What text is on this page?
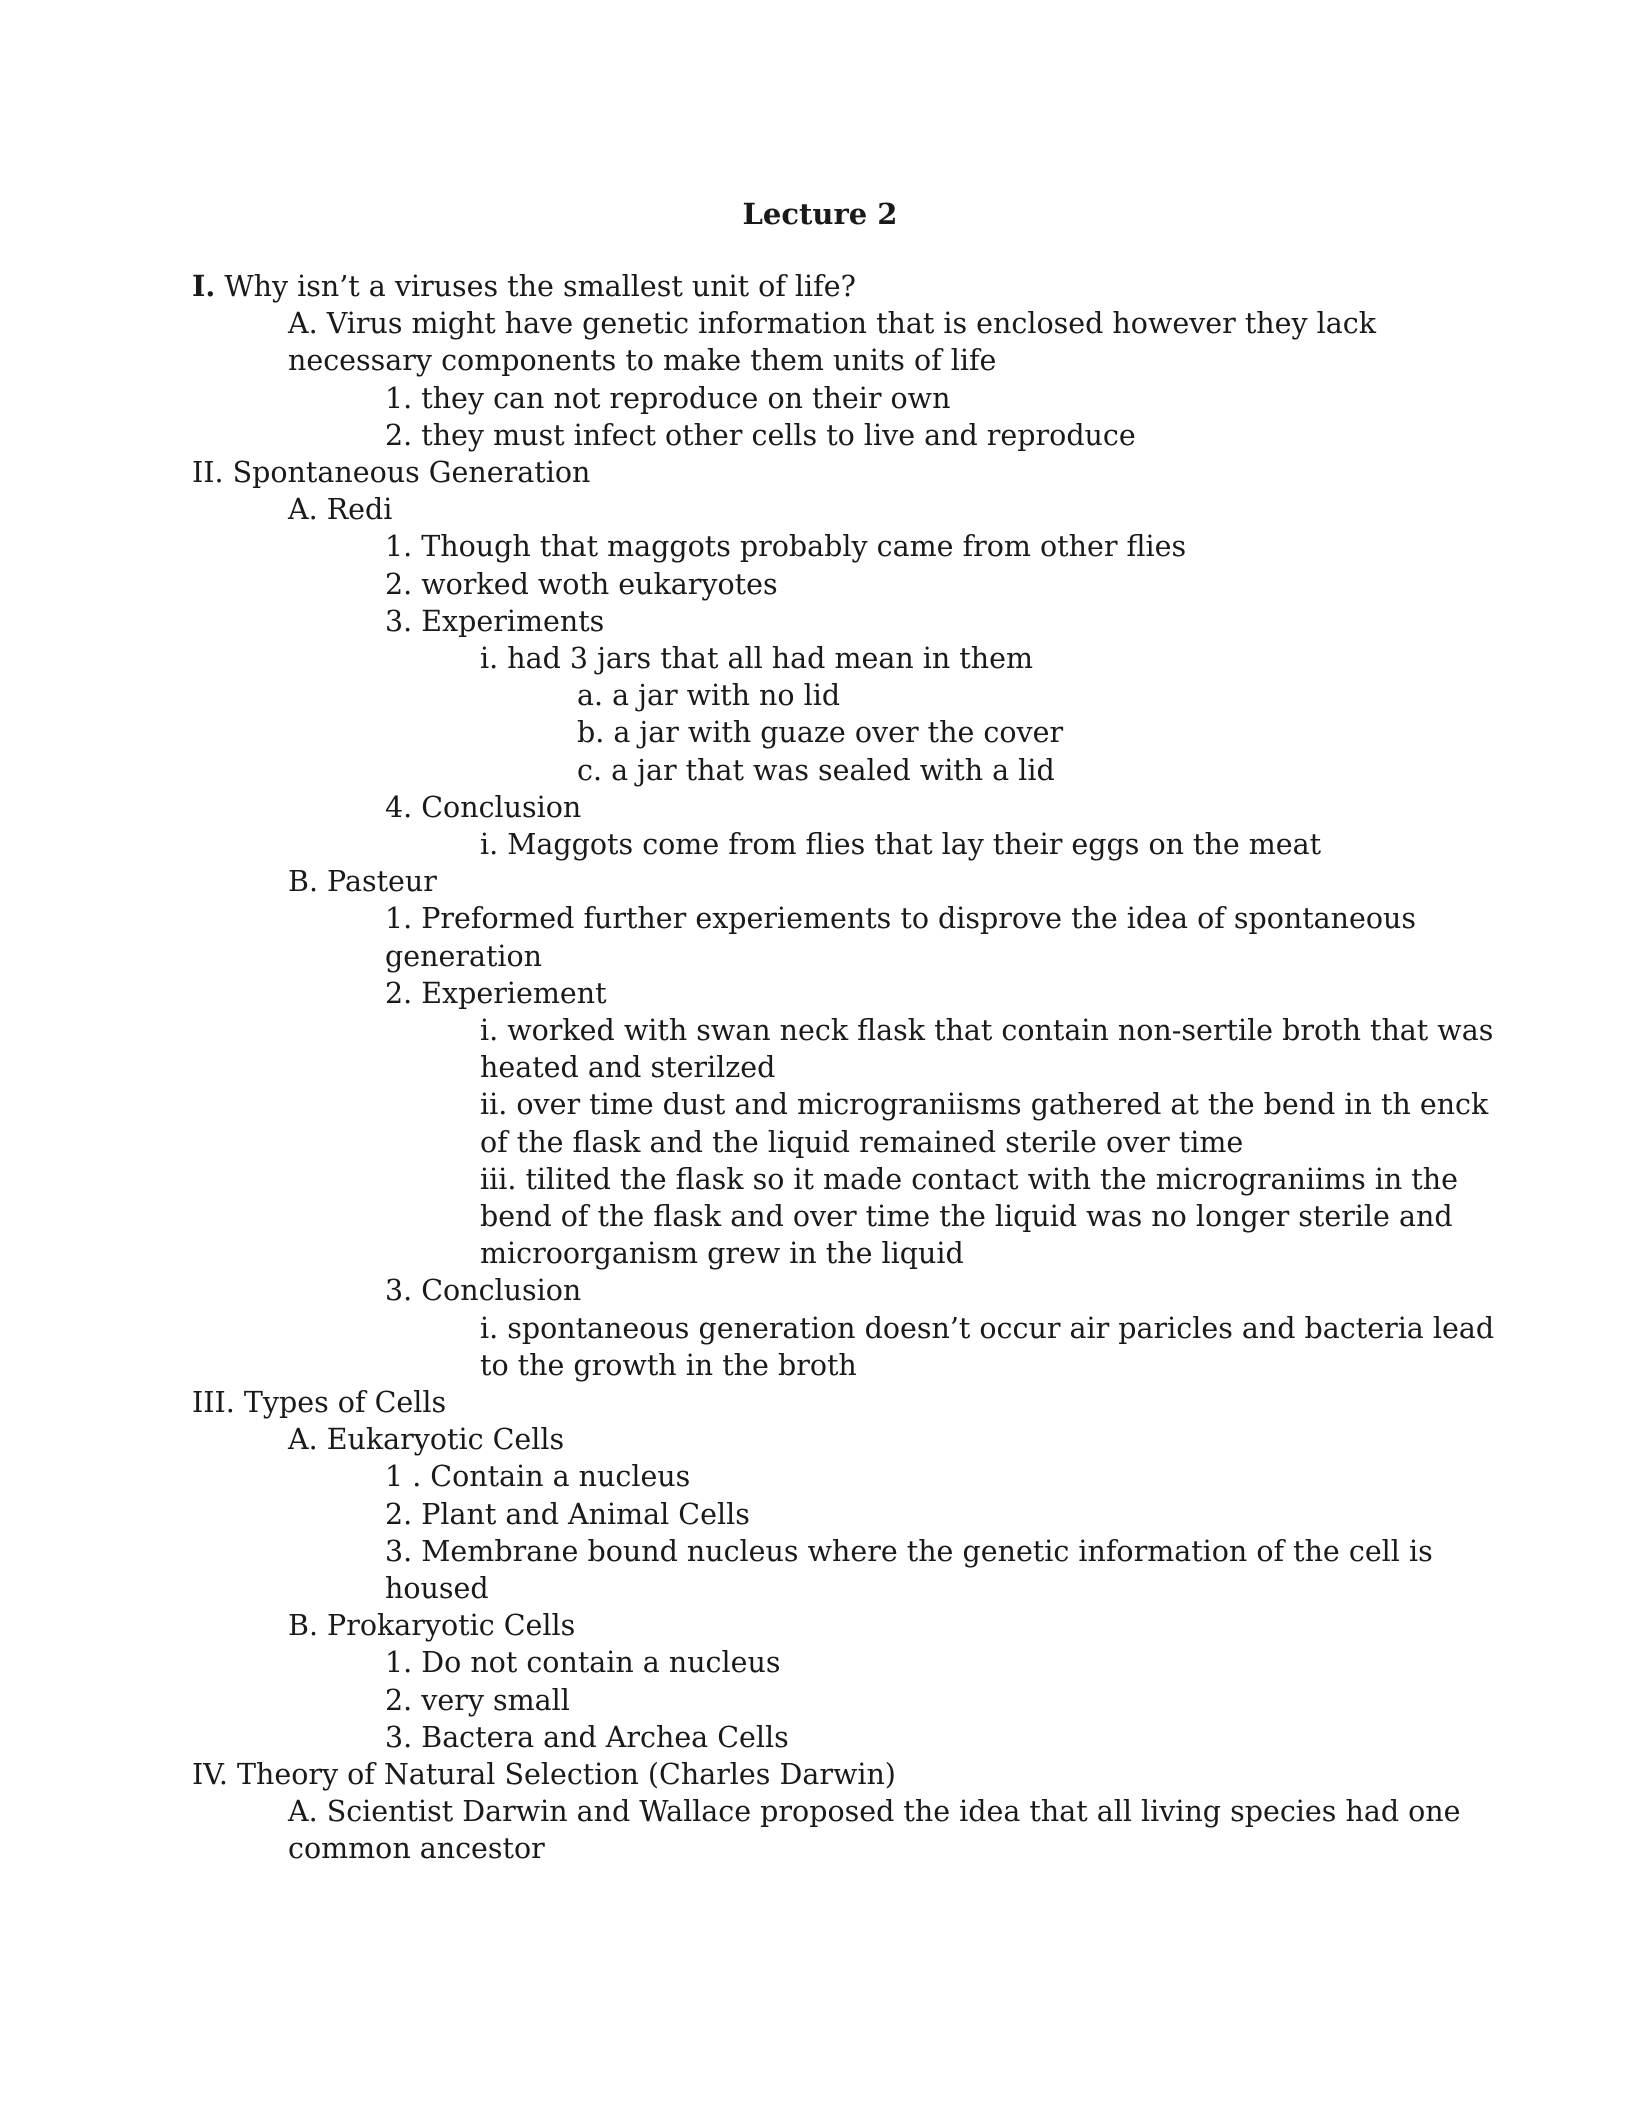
Lecture 2
I. Why isn’t a viruses the smallest unit of life?
A. Virus might have genetic information that is enclosed however they lack
necessary components to make them units of life
1. they can not reproduce on their own
2. they must infect other cells to live and reproduce
II. Spontaneous Generation
A. Redi
1. Though that maggots probably came from other flies
2. worked woth eukaryotes
3. Experiments
i. had 3 jars that all had mean in them
a. a jar with no lid
b. a jar with guaze over the cover
c. a jar that was sealed with a lid
4. Conclusion
i. Maggots come from flies that lay their eggs on the meat
B. Pasteur
1. Preformed further experiements to disprove the idea of spontaneous
generation
2. Experiement
i. worked with swan neck flask that contain non-sertile broth that was
heated and sterilzed
ii. over time dust and micrograniisms gathered at the bend in th enck
of the flask and the liquid remained sterile over time
iii. tilited the flask so it made contact with the micrograniims in the
bend of the flask and over time the liquid was no longer sterile and
microorganism grew in the liquid
3. Conclusion
i. spontaneous generation doesn’t occur air paricles and bacteria lead
to the growth in the broth
III. Types of Cells
A. Eukaryotic Cells
1 . Contain a nucleus
2. Plant and Animal Cells
3. Membrane bound nucleus where the genetic information of the cell is
housed
B. Prokaryotic Cells
1. Do not contain a nucleus
2. very small
3. Bactera and Archea Cells
IV. Theory of Natural Selection (Charles Darwin)
A. Scientist Darwin and Wallace proposed the idea that all living species had one
common ancestor
